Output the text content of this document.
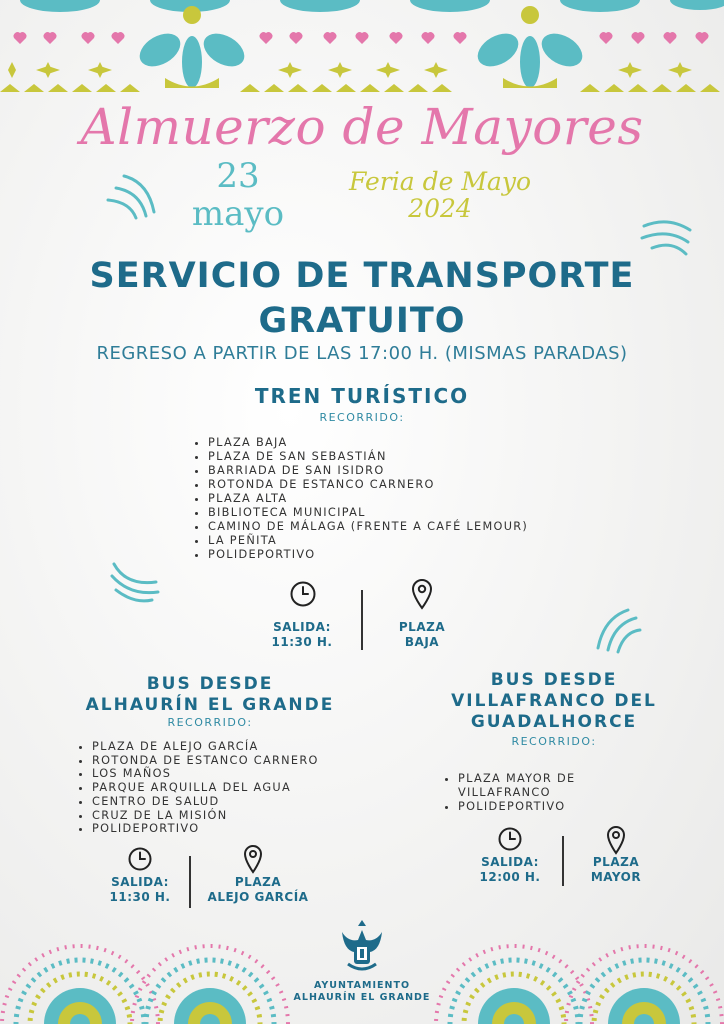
Almuerzo de Mayores
23
mayo
Feria de Mayo
2024
SERVICIO DE TRANSPORTE
GRATUITO
REGRESO A PARTIR DE LAS 17:00 H. (MISMAS PARADAS)
TREN TURÍSTICO
RECORRIDO:
• PLAZA BAJA
• PLAZA DE SAN SEBASTIÁN
• BARRIADA DE SAN ISIDRO
• ROTONDA DE ESTANCO CARNERO
• PLAZA ALTA
• BIBLIOTECA MUNICIPAL
• CAMINO DE MÁLAGA (FRENTE A CAFÉ LEMOUR)
• LA PEÑITA
• POLIDEPORTIVO
SALIDA:
11:30 H.
PLAZA
BAJA
BUS DESDE
ALHAURÍN EL GRANDE
RECORRIDO:
• PLAZA DE ALEJO GARCÍA
• ROTONDA DE ESTANCO CARNERO
• LOS MAÑOS
• PARQUE ARQUILLA DEL AGUA
• CENTRO DE SALUD
• CRUZ DE LA MISIÓN
• POLIDEPORTIVO
SALIDA:
11:30 H.
PLAZA
ALEJO GARCÍA
BUS DESDE
VILLAFRANCO DEL
GUADALHORCE
RECORRIDO:
• PLAZA MAYOR DE VILLAFRANCO
• POLIDEPORTIVO
SALIDA:
12:00 H.
PLAZA
MAYOR
AYUNTAMIENTO
ALHAURÍN EL GRANDE
